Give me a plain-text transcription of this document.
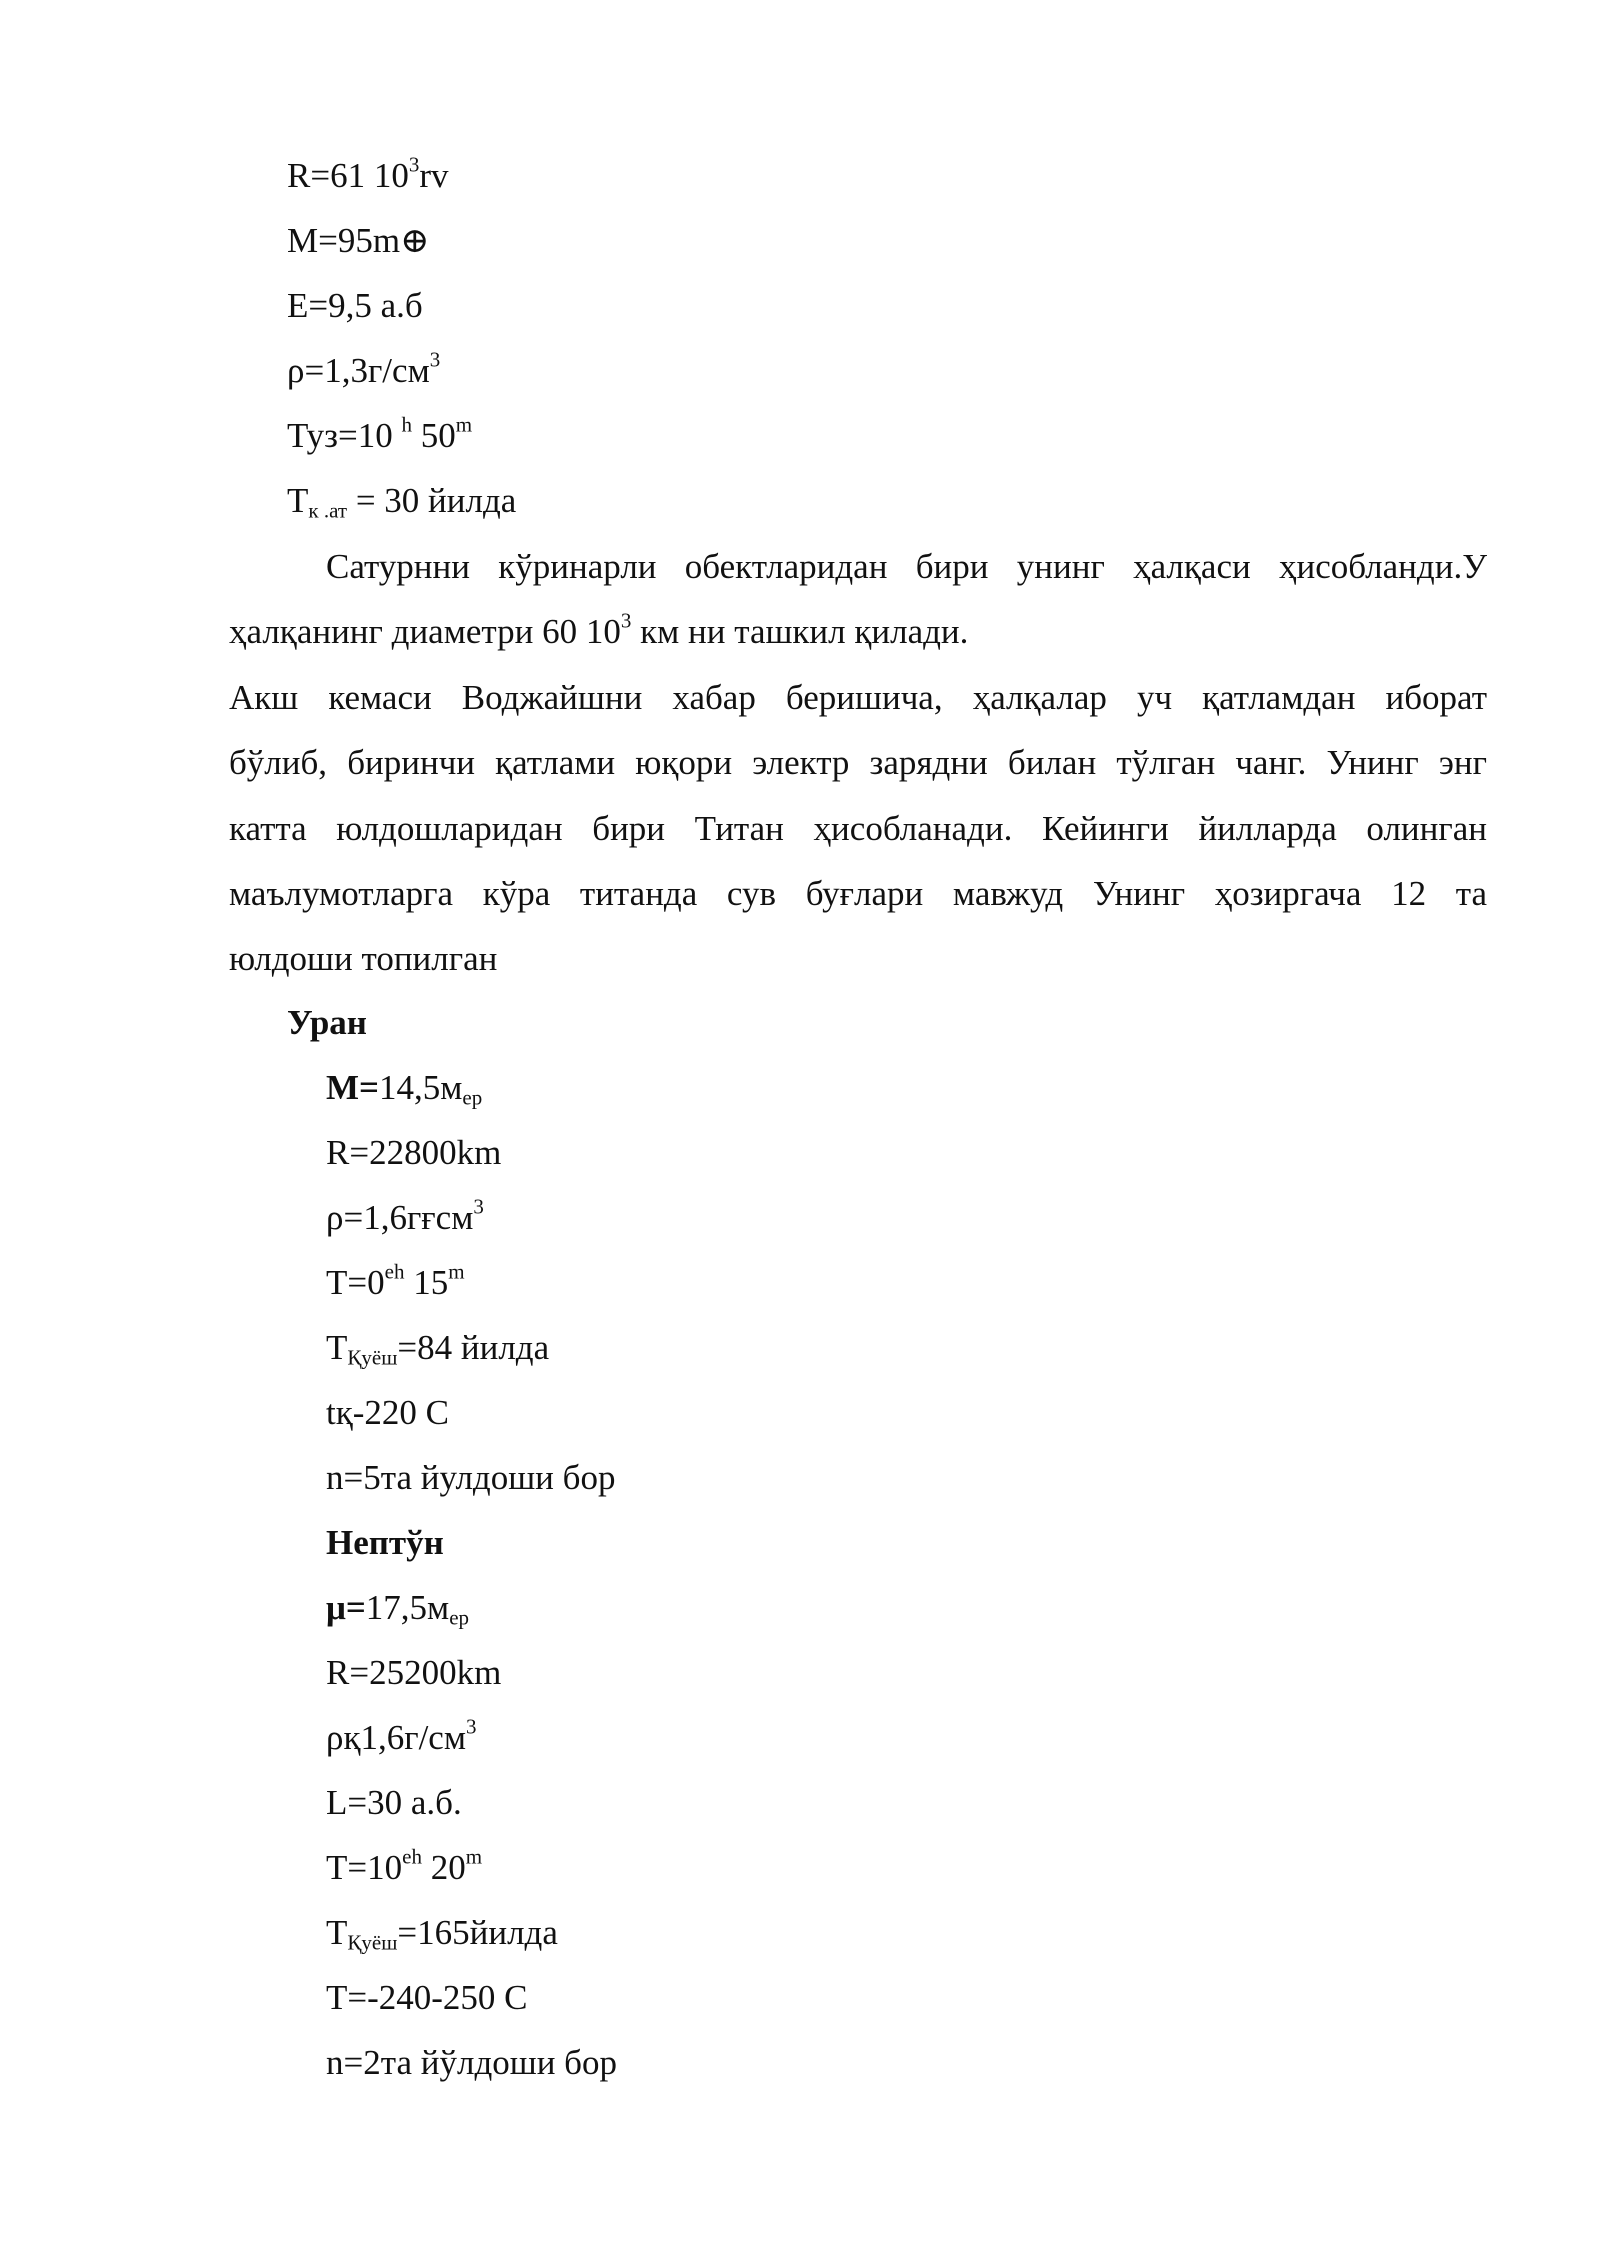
R=61 $10^3rv$
M=95m⊕
E=9,5 а.б
$\rho=1,3г/см^3$
Туз=10 $^h$ 50$^m$
$T_{к .ат} = 30$ йилда
Сатурнни кўринарли обектларидан бири унинг ҳалқаси ҳисобланди.У
ҳалқанинг диаметри 60 $10^3$ км ни ташкил қилади.
Акш кемаси Воджайшни хабар беришича, ҳалқалар уч қатламдан иборат
бўлиб, биринчи қатлами юқори электр зарядни билан тўлган чанг. Унинг энг
катта юлдошларидан бири Титан ҳисобланади. Кейинги йилларда олинган
маълумотларга кўра титанда сув буғлари мавжуд Унинг ҳозиргача 12 та
юлдоши топилган
Уран
$M=14,5м_{ер}$
R=22800km
ρ=1,6гғсм$^3$
$T=0^{eh}$ 15$^m$
$T_{Қуёш}=84$ йилда
tқ-220 С
n=5та йулдоши бор
Нептўн
$\mu=17,5м_{ер}$
R=25200km
$\rho қ1,6г/см^3$
L=30 а.б.
$T=10^{eh}$ 20$^m$
$T_{Қуёш}=165йилда$
T=-240-250 С
n=2та йўлдоши бор
